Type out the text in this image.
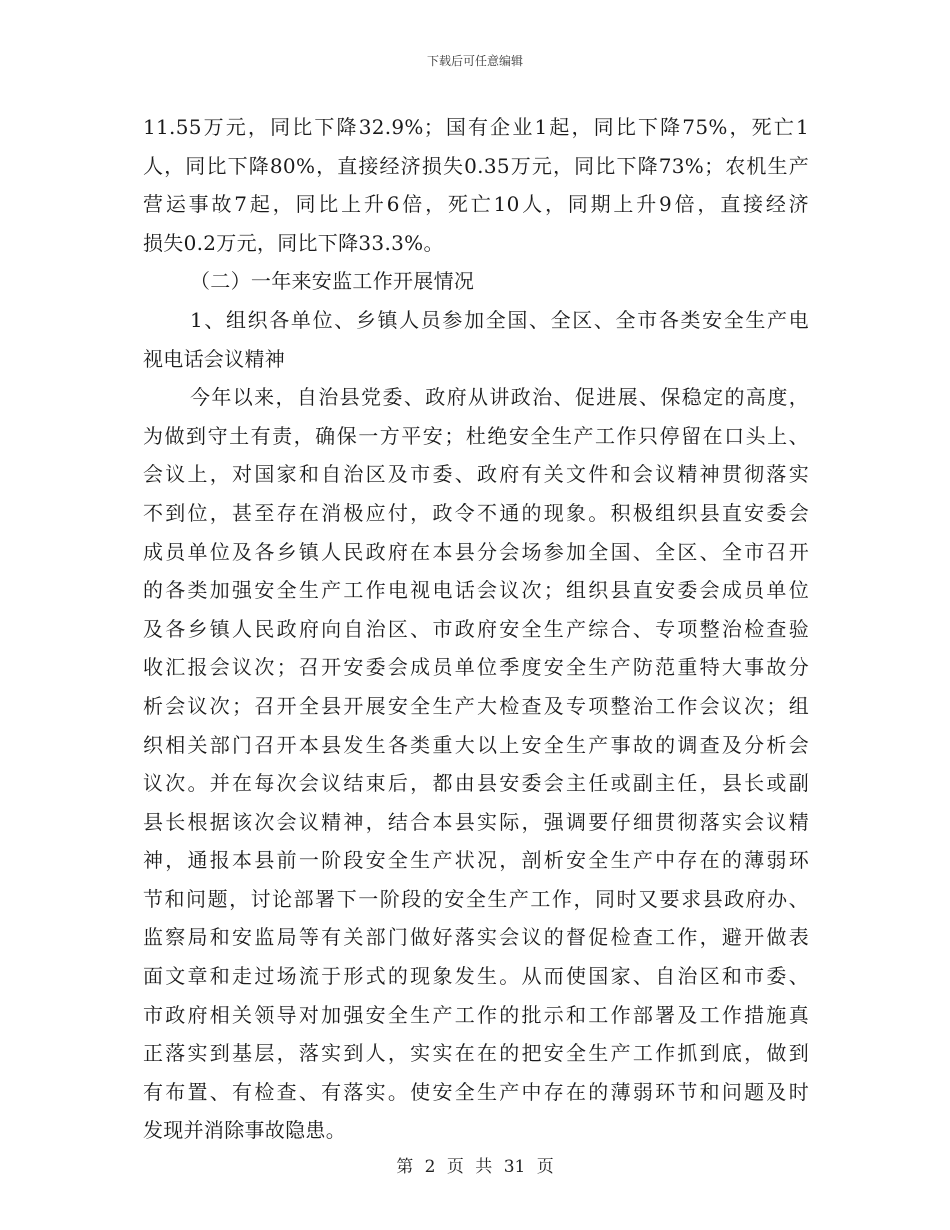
下载后可任意编辑
11.55万元，同比下降32.9%；国有企业1起，同比下降75%，死亡1
人，同比下降80%，直接经济损失0.35万元，同比下降73%；农机生产
营运事故7起，同比上升6倍，死亡10人，同期上升9倍，直接经济
损失0.2万元，同比下降33.3%。
（二）一年来安监工作开展情况
1、组织各单位、乡镇人员参加全国、全区、全市各类安全生产电
视电话会议精神
今年以来，自治县党委、政府从讲政治、促进展、保稳定的高度，
为做到守土有责，确保一方平安；杜绝安全生产工作只停留在口头上、
会议上，对国家和自治区及市委、政府有关文件和会议精神贯彻落实
不到位，甚至存在消极应付，政令不通的现象。积极组织县直安委会
成员单位及各乡镇人民政府在本县分会场参加全国、全区、全市召开
的各类加强安全生产工作电视电话会议次；组织县直安委会成员单位
及各乡镇人民政府向自治区、市政府安全生产综合、专项整治检查验
收汇报会议次；召开安委会成员单位季度安全生产防范重特大事故分
析会议次；召开全县开展安全生产大检查及专项整治工作会议次；组
织相关部门召开本县发生各类重大以上安全生产事故的调查及分析会
议次。并在每次会议结束后，都由县安委会主任或副主任，县长或副
县长根据该次会议精神，结合本县实际，强调要仔细贯彻落实会议精
神，通报本县前一阶段安全生产状况，剖析安全生产中存在的薄弱环
节和问题，讨论部署下一阶段的安全生产工作，同时又要求县政府办、
监察局和安监局等有关部门做好落实会议的督促检查工作，避开做表
面文章和走过场流于形式的现象发生。从而使国家、自治区和市委、
市政府相关领导对加强安全生产工作的批示和工作部署及工作措施真
正落实到基层，落实到人，实实在在的把安全生产工作抓到底，做到
有布置、有检查、有落实。使安全生产中存在的薄弱环节和问题及时
发现并消除事故隐患。
第 2 页 共 31 页
